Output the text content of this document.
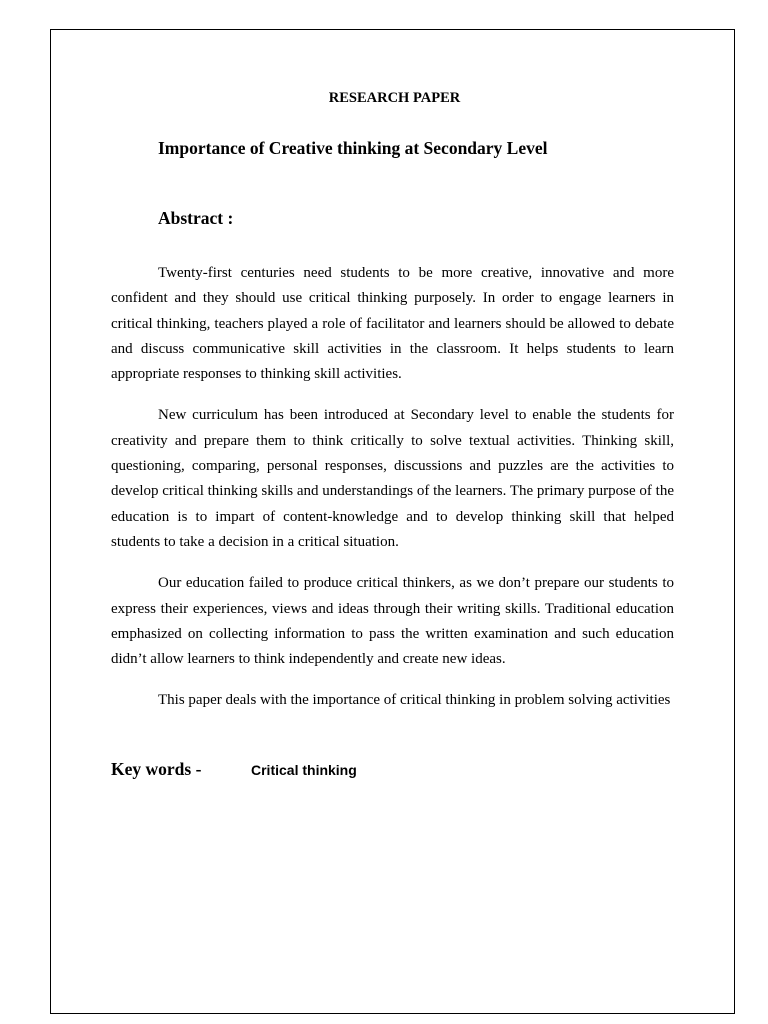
RESEARCH PAPER
Importance of Creative thinking at Secondary Level
Abstract :

Twenty-first centuries need students to be more creative, innovative and more confident and they should use critical thinking purposely. In order to engage learners in critical thinking, teachers played a role of facilitator and learners should be allowed to debate and discuss communicative skill activities in the classroom. It helps students to learn appropriate responses to thinking skill activities.

New curriculum has been introduced at Secondary level to enable the students for creativity and prepare them to think critically to solve textual activities. Thinking skill, questioning, comparing, personal responses, discussions and puzzles are the activities to develop critical thinking skills and understandings of the learners. The primary purpose of the education is to impart of content-knowledge and to develop thinking skill that helped students to take a decision in a critical situation.

Our education failed to produce critical thinkers, as we don’t prepare our students to express their experiences, views and ideas through their writing skills. Traditional education emphasized on collecting information to pass the written examination and such education didn’t allow learners to think independently and create new ideas.

This paper deals with the importance of critical thinking in problem solving activities

Key words -	Critical thinking
